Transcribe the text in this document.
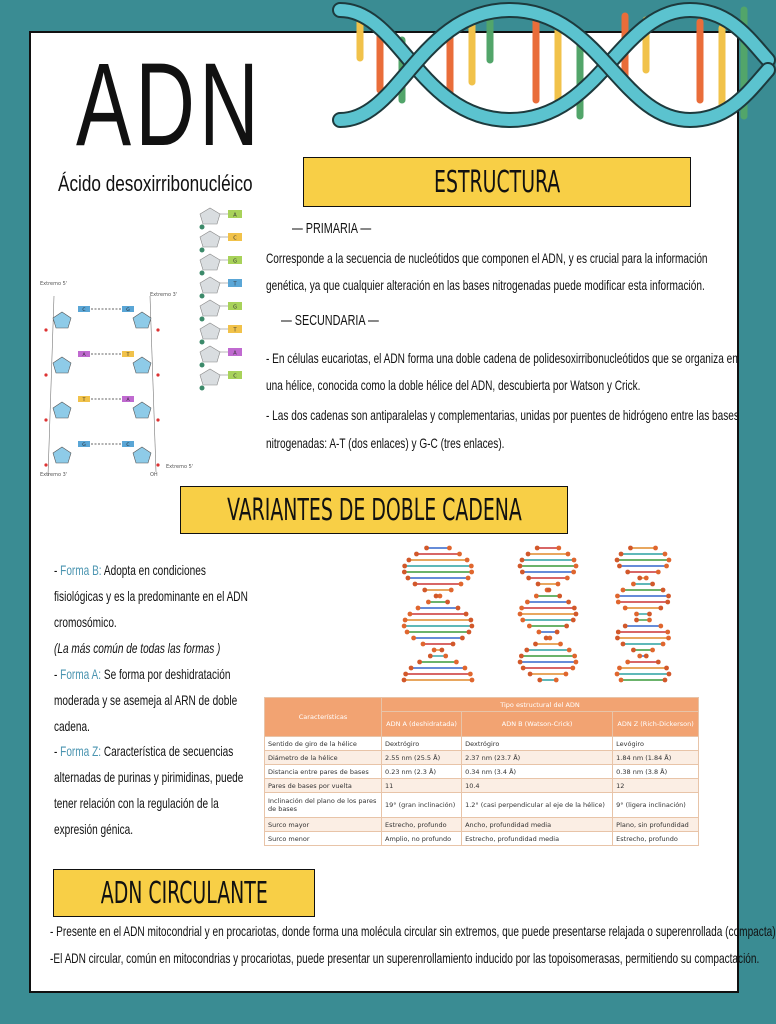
ADN
Ácido desoxirribonucléico	ESTRUCTURA
A
C
G
T
G
T
A
C
Extremo 5'
Extremo 3'
Extremo 3'	OH
Extremo 5'
C	G
A	T
T	A
G	C
— PRIMARIA —
Corresponde a la secuencia de nucleótidos que componen el ADN, y es crucial para la información
genética, ya que cualquier alteración en las bases nitrogenadas puede modificar esta información.
— SECUNDARIA —
- En células eucariotas, el ADN forma una doble cadena de polidesoxirribonucleótidos que se organiza en
una hélice, conocida como la doble hélice del ADN, descubierta por Watson y Crick.
- Las dos cadenas son antiparalelas y complementarias, unidas por puentes de hidrógeno entre las bases
nitrogenadas: A-T (dos enlaces) y G-C (tres enlaces).
VARIANTES DE DOBLE CADENA
- Forma B: Adopta en condiciones
fisiológicas y es la predominante en el ADN
cromosómico.
(La más común de todas las formas )
- Forma A: Se forma por deshidratación
moderada y se asemeja al ARN de doble
cadena.
- Forma Z: Característica de secuencias
alternadas de purinas y pirimidinas, puede
tener relación con la regulación de la
expresión génica.
Características	Tipo estructural del ADN		
	ADN A (deshidratada)	ADN B (Watson-Crick)	ADN Z (Rich-Dickerson)
Sentido de giro de la hélice	Dextrógiro	Dextrógiro	Levógiro
Diámetro de la hélice	2.55 nm (25.5 Å)	2.37 nm (23.7 Å)	1.84 nm (1.84 Å)
Distancia entre pares de bases	0.23 nm (2.3 Å)	0.34 nm (3.4 Å)	0.38 nm (3.8 Å)
Pares de bases por vuelta	11	10.4	12
Inclinación del plano de los pares de bases	19° (gran inclinación)	1.2° (casi perpendicular al eje de la hélice)	9° (ligera inclinación)
Surco mayor	Estrecho, profundo	Ancho, profundidad media	Plano, sin profundidad
Surco menor	Amplio, no profundo	Estrecho, profundidad media	Estrecho, profundo
ADN CIRCULANTE
- Presente en el ADN mitocondrial y en procariotas, donde forma una molécula circular sin extremos, que puede presentarse relajada o superenrollada (compacta)
-El ADN circular, común en mitocondrias y procariotas, puede presentar un superenrollamiento inducido por las topoisomerasas, permitiendo su compactación.
